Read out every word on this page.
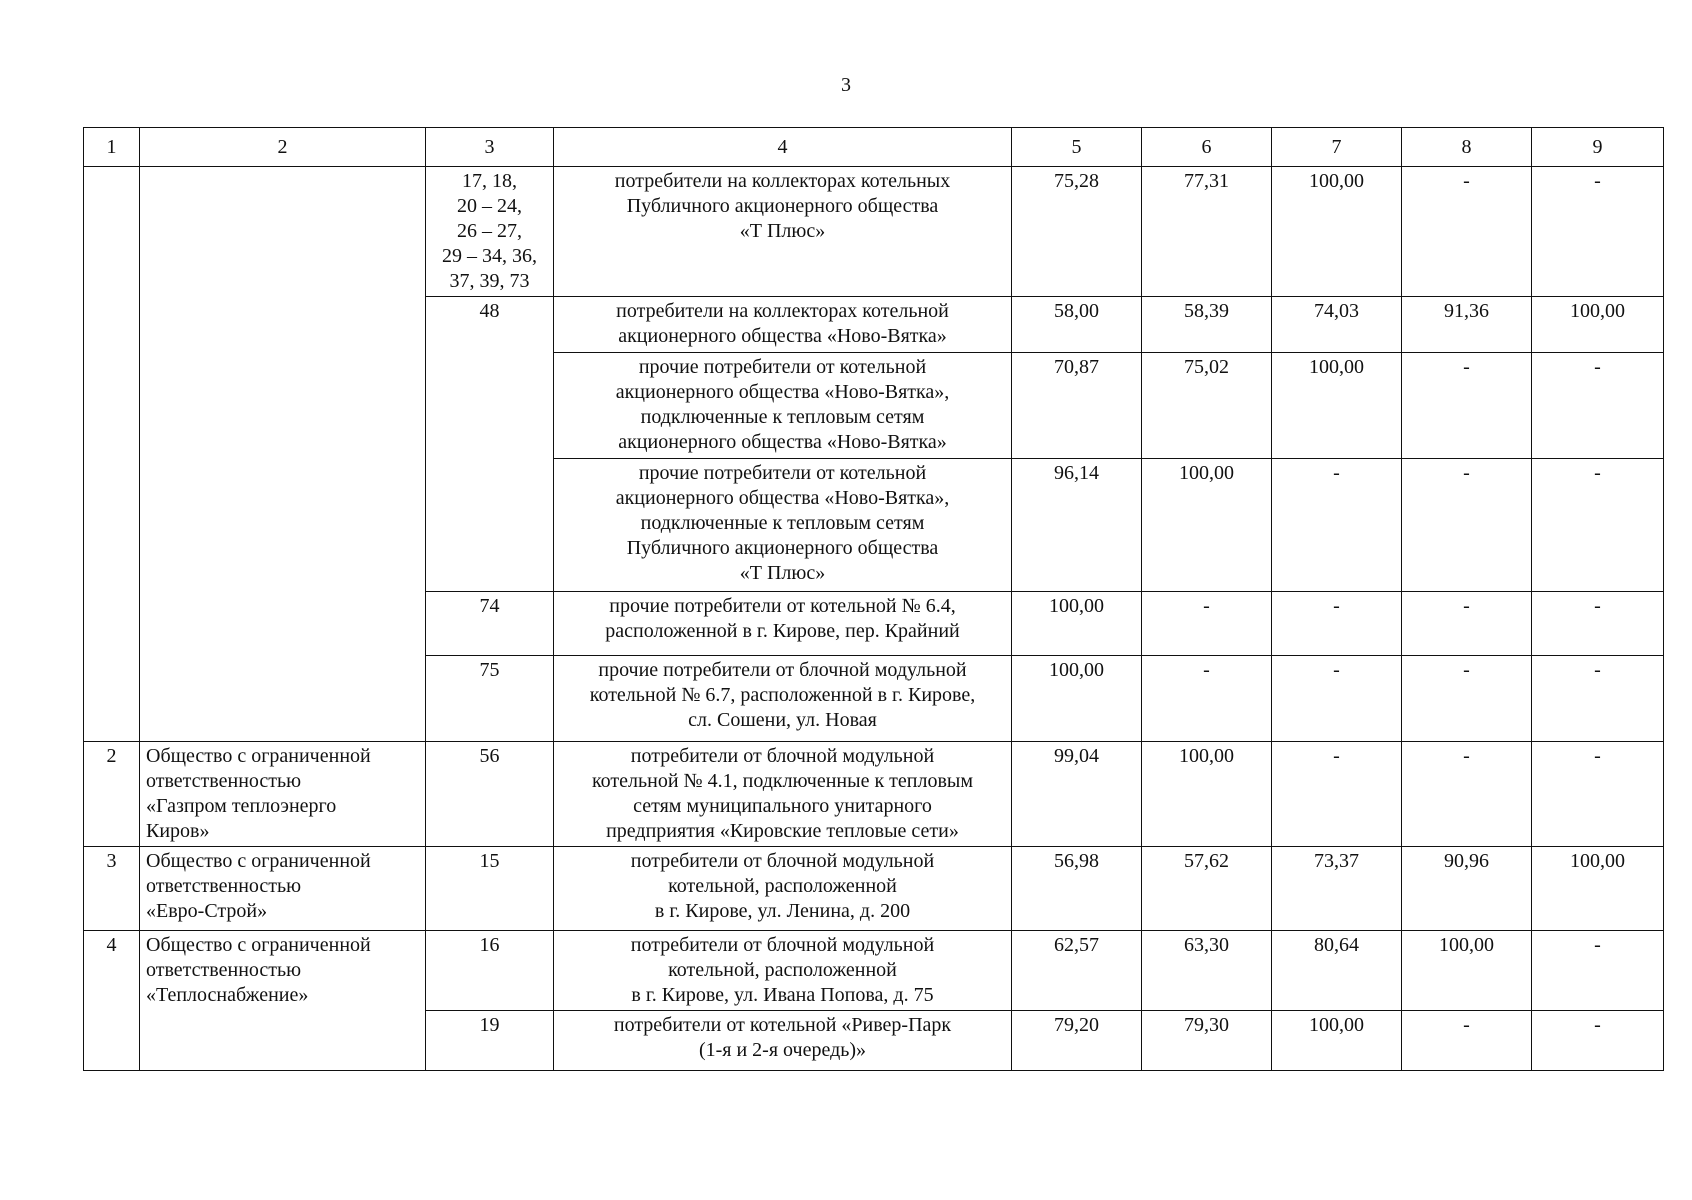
3
1	2	3	4	5	6	7	8	9
		17, 18,
20 – 24,
26 – 27,
29 – 34, 36,
37, 39, 73	потребители на коллекторах котельных
Публичного акционерного общества
«Т Плюс»	75,28	77,31	100,00	-	-
		48	потребители на коллекторах котельной
акционерного общества «Ново-Вятка»	58,00	58,39	74,03	91,36	100,00
			прочие потребители от котельной
акционерного общества «Ново-Вятка»,
подключенные к тепловым сетям
акционерного общества «Ново-Вятка»	70,87	75,02	100,00	-	-
			прочие потребители от котельной
акционерного общества «Ново-Вятка»,
подключенные к тепловым сетям
Публичного акционерного общества
«Т Плюс»	96,14	100,00	-	-	-
		74	прочие потребители от котельной № 6.4,
расположенной в г. Кирове, пер. Крайний	100,00	-	-	-	-
		75	прочие потребители от блочной модульной
котельной № 6.7, расположенной в г. Кирове,
сл. Сошени, ул. Новая	100,00	-	-	-	-
2	Общество с ограниченной
ответственностью
«Газпром теплоэнерго
Киров»	56	потребители от блочной модульной
котельной № 4.1, подключенные к тепловым
сетям муниципального унитарного
предприятия «Кировские тепловые сети»	99,04	100,00	-	-	-
3	Общество с ограниченной
ответственностью
«Евро-Строй»	15	потребители от блочной модульной
котельной, расположенной
в г. Кирове, ул. Ленина, д. 200	56,98	57,62	73,37	90,96	100,00
4	Общество с ограниченной
ответственностью
«Теплоснабжение»	16	потребители от блочной модульной
котельной, расположенной
в г. Кирове, ул. Ивана Попова, д. 75	62,57	63,30	80,64	100,00	-
		19	потребители от котельной «Ривер-Парк
(1-я и 2-я очередь)»	79,20	79,30	100,00	-	-
